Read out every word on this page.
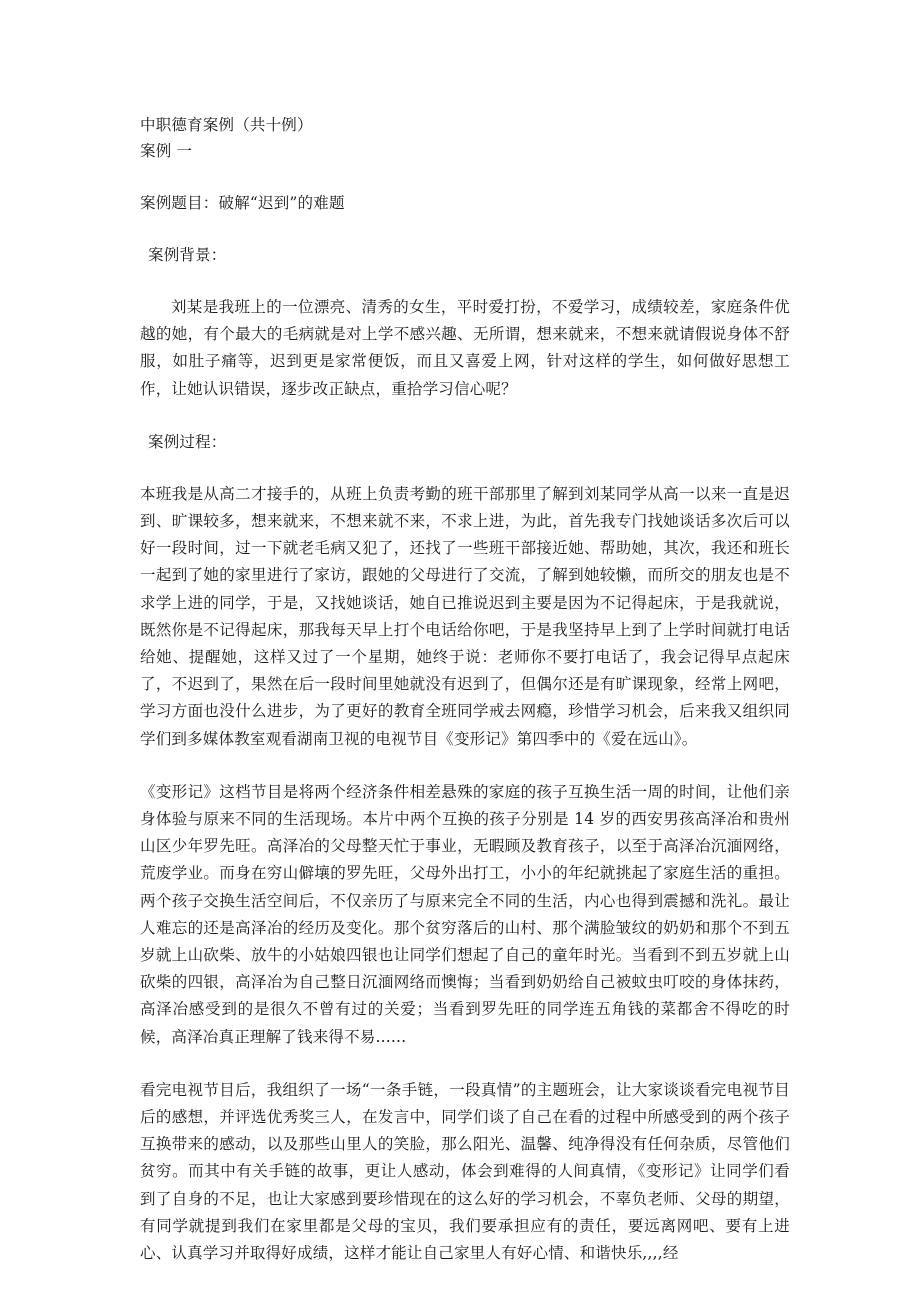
中职德育案例（共十例）

案例 一

案例题目：破解“迟到”的难题

案例背景：

刘某是我班上的一位漂亮、清秀的女生，平时爱打扮，不爱学习，成绩较差，家庭条件优越的她，有个最大的毛病就是对上学不感兴趣、无所谓，想来就来，不想来就请假说身体不舒服，如肚子痛等，迟到更是家常便饭，而且又喜爱上网，针对这样的学生，如何做好思想工作，让她认识错误，逐步改正缺点，重拾学习信心呢？

案例过程：

本班我是从高二才接手的，从班上负责考勤的班干部那里了解到刘某同学从高一以来一直是迟到、旷课较多，想来就来，不想来就不来，不求上进，为此，首先我专门找她谈话多次后可以好一段时间，过一下就老毛病又犯了，还找了一些班干部接近她、帮助她，其次，我还和班长一起到了她的家里进行了家访，跟她的父母进行了交流，了解到她较懒，而所交的朋友也是不求学上进的同学，于是，又找她谈话，她自已推说迟到主要是因为不记得起床，于是我就说，既然你是不记得起床，那我每天早上打个电话给你吧，于是我坚持早上到了上学时间就打电话给她、提醒她，这样又过了一个星期，她终于说：老师你不要打电话了，我会记得早点起床了，不迟到了，果然在后一段时间里她就没有迟到了，但偶尔还是有旷课现象，经常上网吧，学习方面也没什么进步，为了更好的教育全班同学戒去网瘾，珍惜学习机会，后来我又组织同学们到多媒体教室观看湖南卫视的电视节目《变形记》第四季中的《爱在远山》。

《变形记》这档节目是将两个经济条件相差悬殊的家庭的孩子互换生活一周的时间，让他们亲身体验与原来不同的生活现场。本片中两个互换的孩子分别是 14 岁的西安男孩高泽冶和贵州山区少年罗先旺。高泽冶的父母整天忙于事业，无暇顾及教育孩子，以至于高泽冶沉湎网络，荒废学业。而身在穷山僻壤的罗先旺，父母外出打工，小小的年纪就挑起了家庭生活的重担。两个孩子交换生活空间后，不仅亲历了与原来完全不同的生活，内心也得到震撼和洗礼。最让人难忘的还是高泽冶的经历及变化。那个贫穷落后的山村、那个满脸皱纹的奶奶和那个不到五岁就上山砍柴、放牛的小姑娘四银也让同学们想起了自己的童年时光。当看到不到五岁就上山砍柴的四银，高泽冶为自己整日沉湎网络而懊悔；当看到奶奶给自己被蚊虫叮咬的身体抹药，高泽冶感受到的是很久不曾有过的关爱；当看到罗先旺的同学连五角钱的菜都舍不得吃的时候，高泽冶真正理解了钱来得不易......

看完电视节目后，我组织了一场“一条手链，一段真情”的主题班会，让大家谈谈看完电视节目后的感想，并评选优秀奖三人，在发言中，同学们谈了自己在看的过程中所感受到的两个孩子互换带来的感动，以及那些山里人的笑脸，那么阳光、温馨、纯净得没有任何杂质，尽管他们贫穷。而其中有关手链的故事，更让人感动，体会到难得的人间真情，《变形记》让同学们看到了自身的不足，也让大家感到要珍惜现在的这么好的学习机会，不辜负老师、父母的期望，有同学就提到我们在家里都是父母的宝贝，我们要承担应有的责任，要远离网吧、要有上进心、认真学习并取得好成绩，这样才能让自己家里人有好心情、和谐快乐,,,,经
